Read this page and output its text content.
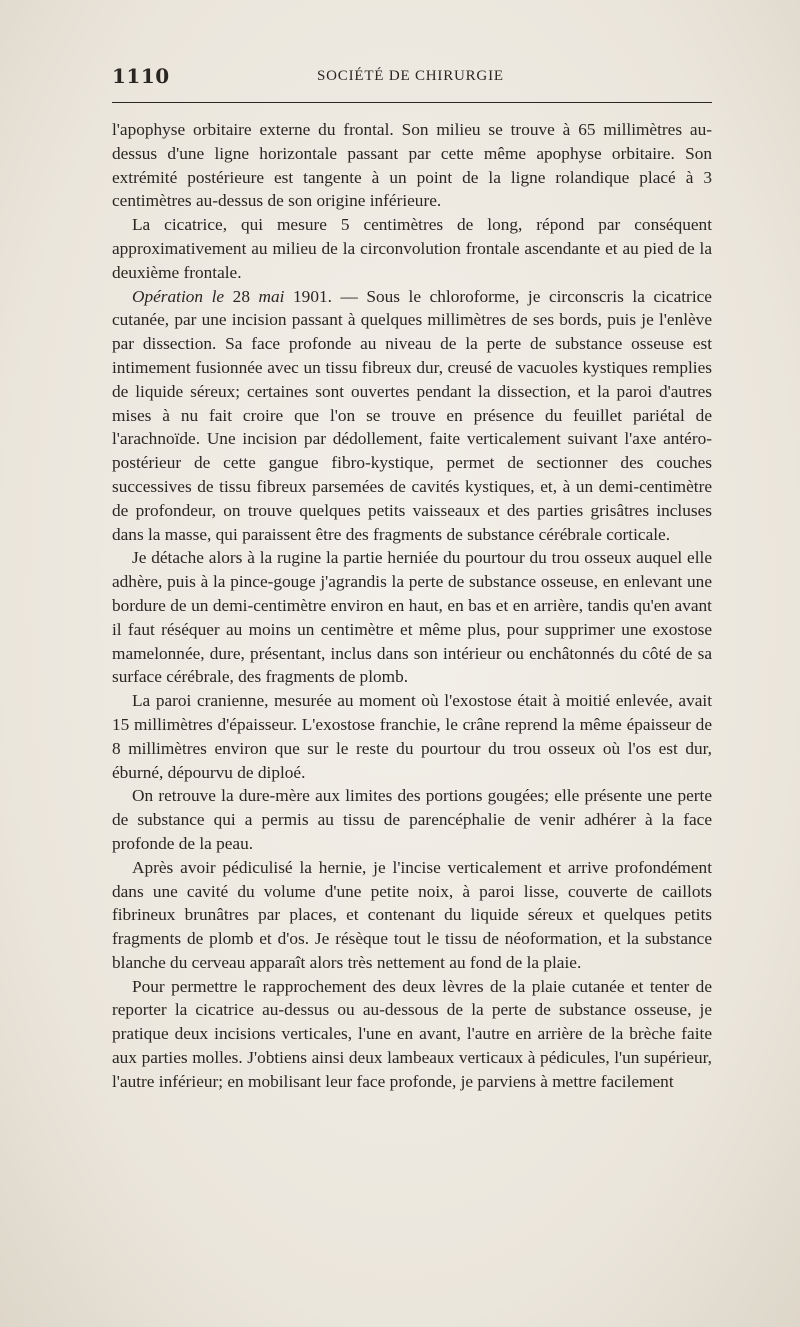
1110	SOCIÉTÉ DE CHIRURGIE

l'apophyse orbitaire externe du frontal. Son milieu se trouve à 65 millimètres au-dessus d'une ligne horizontale passant par cette même apophyse orbitaire. Son extrémité postérieure est tangente à un point de la ligne rolandique placé à 3 centimètres au-dessus de son origine inférieure.

La cicatrice, qui mesure 5 centimètres de long, répond par conséquent approximativement au milieu de la circonvolution frontale ascendante et au pied de la deuxième frontale.

Opération le 28 mai 1901. — Sous le chloroforme, je circonscris la cicatrice cutanée, par une incision passant à quelques millimètres de ses bords, puis je l'enlève par dissection. Sa face profonde au niveau de la perte de substance osseuse est intimement fusionnée avec un tissu fibreux dur, creusé de vacuoles kystiques remplies de liquide séreux; certaines sont ouvertes pendant la dissection, et la paroi d'autres mises à nu fait croire que l'on se trouve en présence du feuillet pariétal de l'arachnoïde. Une incision par dédollement, faite verticalement suivant l'axe antéro-postérieur de cette gangue fibro-kystique, permet de sectionner des couches successives de tissu fibreux parsemées de cavités kystiques, et, à un demi-centimètre de profondeur, on trouve quelques petits vaisseaux et des parties grisâtres incluses dans la masse, qui paraissent être des fragments de substance cérébrale corticale.

Je détache alors à la rugine la partie herniée du pourtour du trou osseux auquel elle adhère, puis à la pince-gouge j'agrandis la perte de substance osseuse, en enlevant une bordure de un demi-centimètre environ en haut, en bas et en arrière, tandis qu'en avant il faut réséquer au moins un centimètre et même plus, pour supprimer une exostose mamelonnée, dure, présentant, inclus dans son intérieur ou enchâtonnés du côté de sa surface cérébrale, des fragments de plomb.

La paroi cranienne, mesurée au moment où l'exostose était à moitié enlevée, avait 15 millimètres d'épaisseur. L'exostose franchie, le crâne reprend la même épaisseur de 8 millimètres environ que sur le reste du pourtour du trou osseux où l'os est dur, éburné, dépourvu de diploé.

On retrouve la dure-mère aux limites des portions gougées; elle présente une perte de substance qui a permis au tissu de parencéphalie de venir adhérer à la face profonde de la peau.

Après avoir pédiculisé la hernie, je l'incise verticalement et arrive profondément dans une cavité du volume d'une petite noix, à paroi lisse, couverte de caillots fibrineux brunâtres par places, et contenant du liquide séreux et quelques petits fragments de plomb et d'os. Je résèque tout le tissu de néoformation, et la substance blanche du cerveau apparaît alors très nettement au fond de la plaie.

Pour permettre le rapprochement des deux lèvres de la plaie cutanée et tenter de reporter la cicatrice au-dessus ou au-dessous de la perte de substance osseuse, je pratique deux incisions verticales, l'une en avant, l'autre en arrière de la brèche faite aux parties molles. J'obtiens ainsi deux lambeaux verticaux à pédicules, l'un supérieur, l'autre inférieur; en mobilisant leur face profonde, je parviens à mettre facilement
